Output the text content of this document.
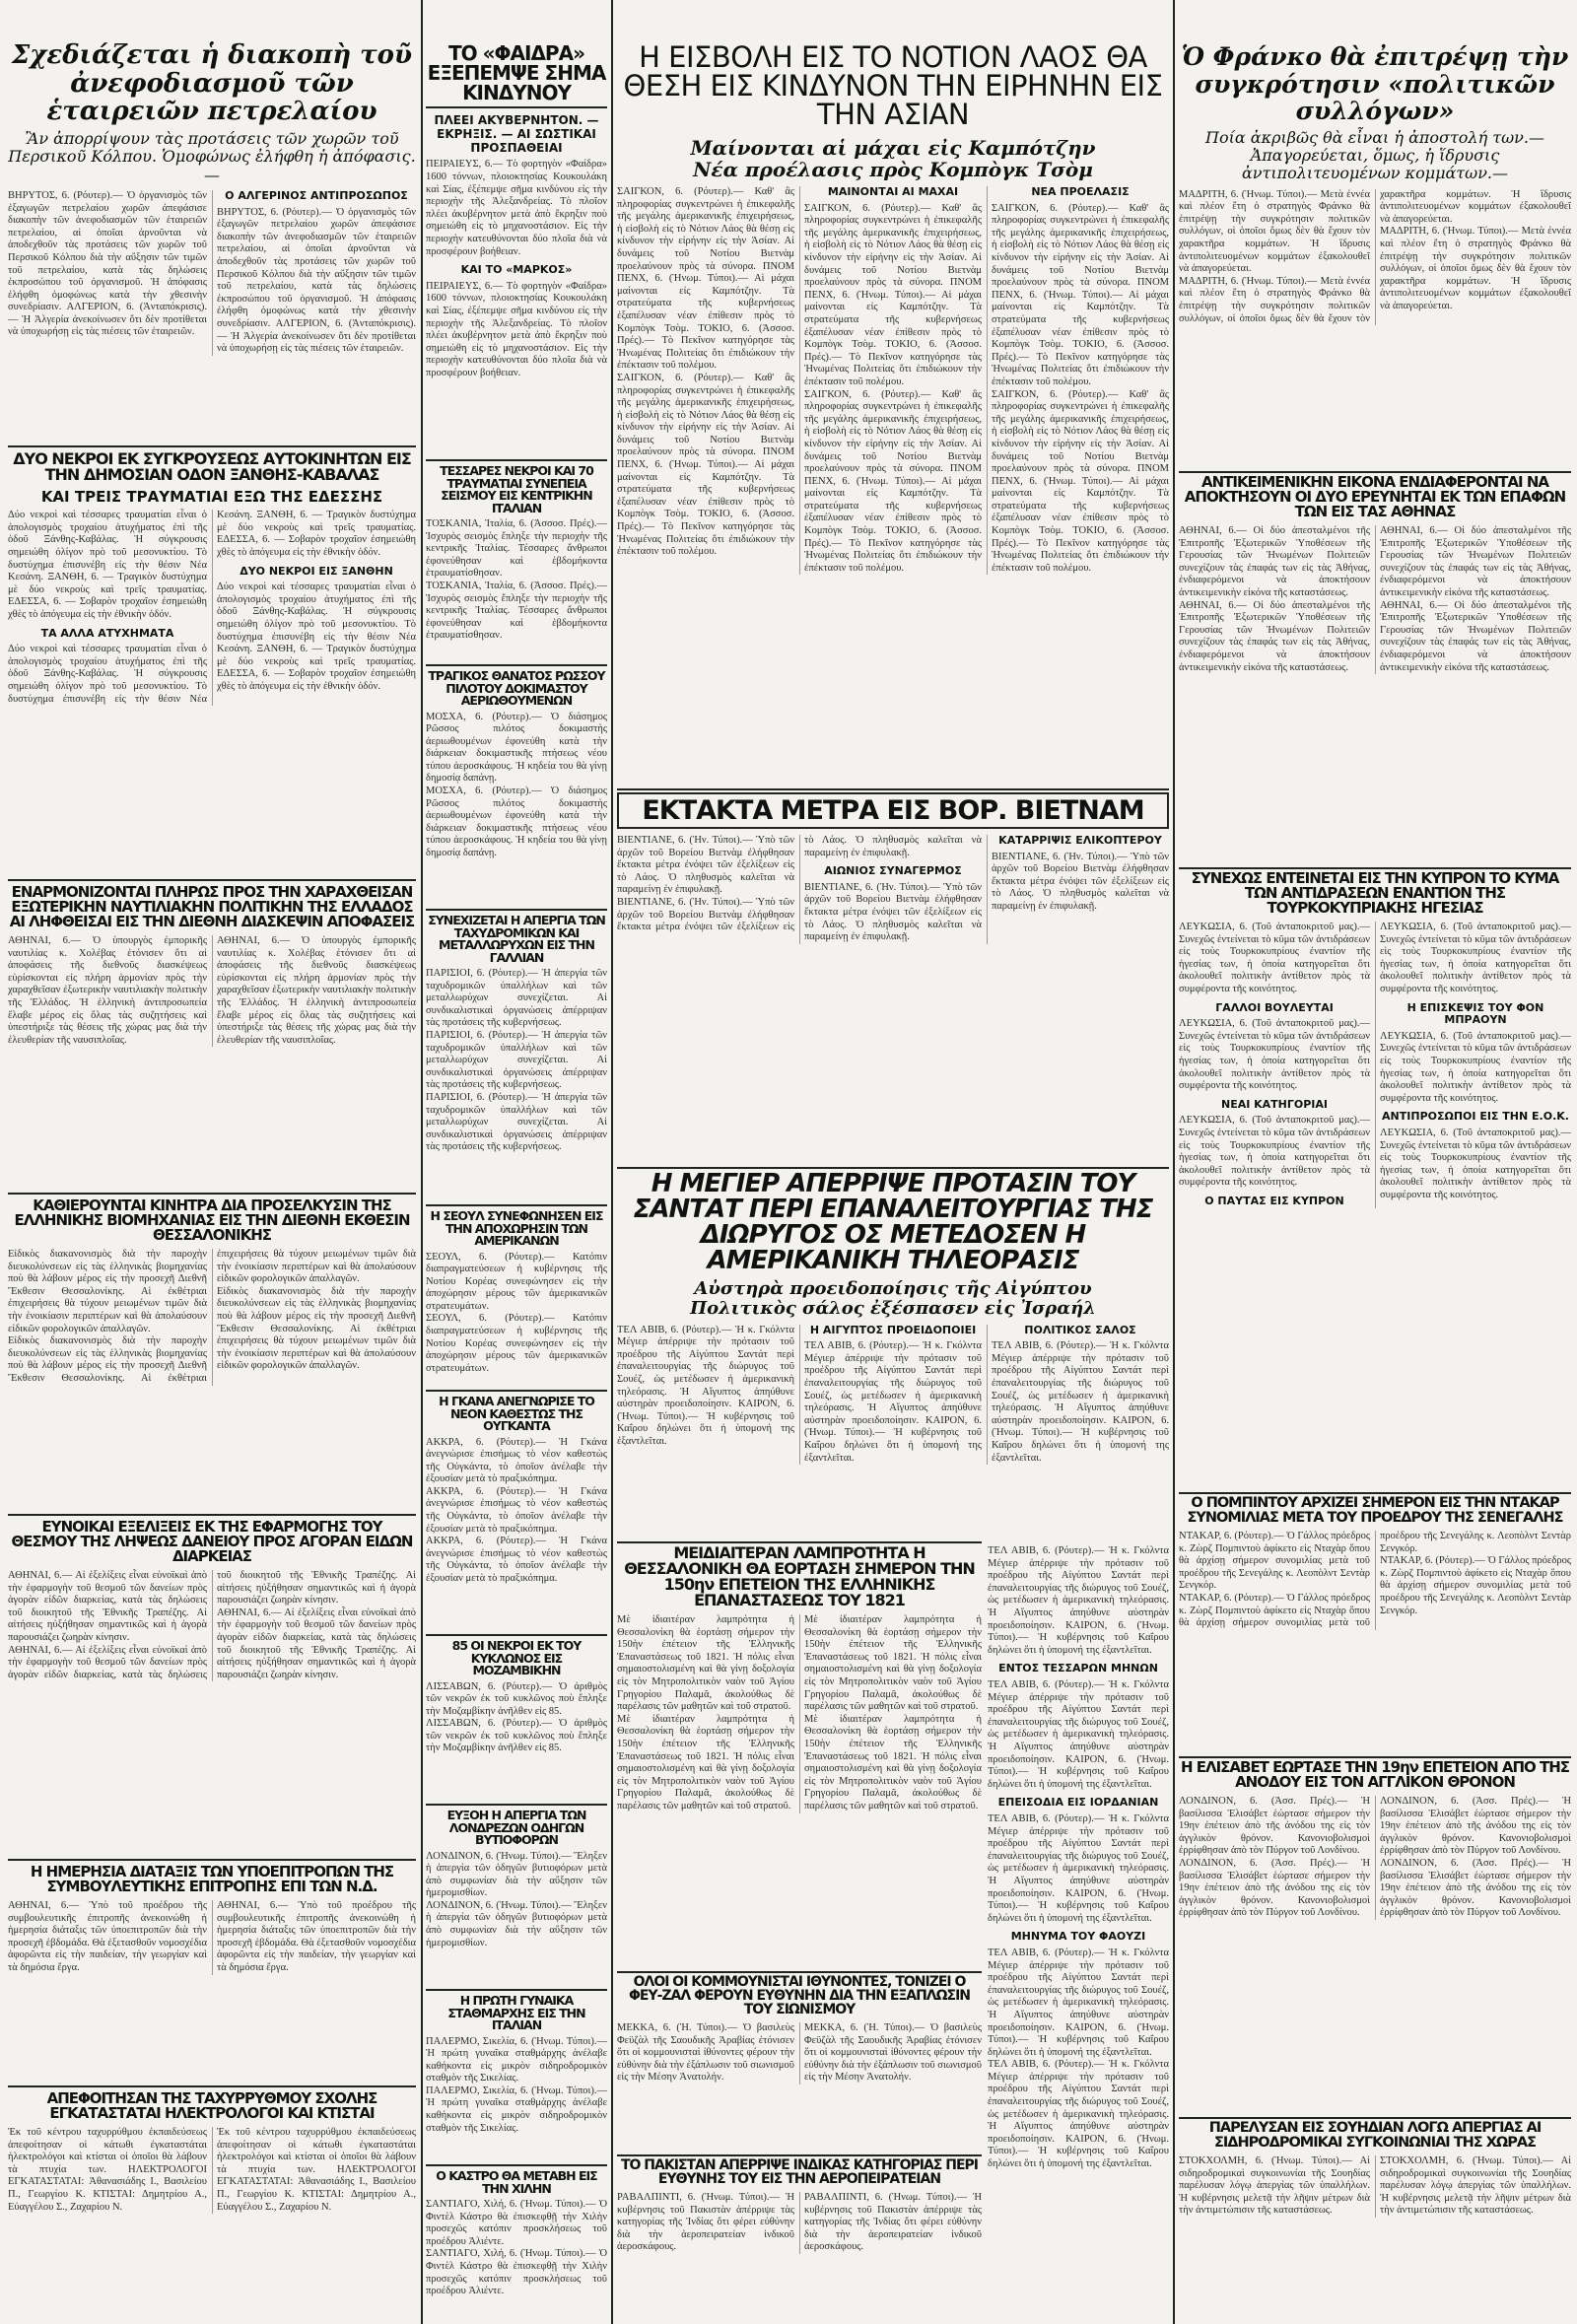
Σχεδιάζεται ἡ διακοπὴ τοῦ ἀνεφοδιασμοῦ τῶν ἑταιρειῶν πετρελαίου

Ἂν ἀπορρίψουν τὰς προτάσεις τῶν χωρῶν τοῦ Περσικοῦ Κόλπου. Ὁμοφώνως ἐλήφθη ἡ ἀπόφασις.—

ΒΗΡΥΤΟΣ, 6. (Ρόυτερ).— Ὁ ὀργανισμὸς τῶν ἐξαγωγῶν πετρελαίου χωρῶν ἀπεφάσισε διακοπὴν τῶν ἀνεφοδιασμῶν τῶν ἑταιρειῶν πετρελαίου, αἱ ὁποῖαι ἀρνοῦνται νὰ ἀποδεχθοῦν τὰς προτάσεις τῶν χωρῶν τοῦ Περσικοῦ Κόλπου διὰ τὴν αὔξησιν τῶν τιμῶν τοῦ πετρελαίου, κατὰ τὰς δηλώσεις ἐκπροσώπου τοῦ ὀργανισμοῦ. Ἡ ἀπόφασις ἐλήφθη ὁμοφώνως κατὰ τὴν χθεσινὴν συνεδρίασιν. ΑΛΓΕΡΙΟΝ, 6. (Ἀνταπόκρισις).— Ἡ Ἀλγερία ἀνεκοίνωσεν ὅτι δὲν προτίθεται νὰ ὑποχωρήσῃ εἰς τὰς πιέσεις τῶν ἑταιρειῶν.

Ο ΑΛΓΕΡΙΝΟΣ ΑΝΤΙΠΡΟΣΩΠΟΣ

ΒΗΡΥΤΟΣ, 6. (Ρόυτερ).— Ὁ ὀργανισμὸς τῶν ἐξαγωγῶν πετρελαίου χωρῶν ἀπεφάσισε διακοπὴν τῶν ἀνεφοδιασμῶν τῶν ἑταιρειῶν πετρελαίου, αἱ ὁποῖαι ἀρνοῦνται νὰ ἀποδεχθοῦν τὰς προτάσεις τῶν χωρῶν τοῦ Περσικοῦ Κόλπου διὰ τὴν αὔξησιν τῶν τιμῶν τοῦ πετρελαίου, κατὰ τὰς δηλώσεις ἐκπροσώπου τοῦ ὀργανισμοῦ. Ἡ ἀπόφασις ἐλήφθη ὁμοφώνως κατὰ τὴν χθεσινὴν συνεδρίασιν. ΑΛΓΕΡΙΟΝ, 6. (Ἀνταπόκρισις).— Ἡ Ἀλγερία ἀνεκοίνωσεν ὅτι δὲν προτίθεται νὰ ὑποχωρήσῃ εἰς τὰς πιέσεις τῶν ἑταιρειῶν.

ΔΥΟ ΝΕΚΡΟΙ ΕΚ ΣΥΓΚΡΟΥΣΕΩΣ ΑΥΤΟΚΙΝΗΤΩΝ ΕΙΣ ΤΗΝ ΔΗΜΟΣΙΑΝ ΟΔΟΝ ΞΑΝΘΗΣ-ΚΑΒΑΛΑΣ

ΚΑΙ ΤΡΕΙΣ ΤΡΑΥΜΑΤΙΑΙ ΕΞΩ ΤΗΣ ΕΔΕΣΣΗΣ

Δύο νεκροὶ καὶ τέσσαρες τραυματίαι εἶναι ὁ ἀπολογισμὸς τροχαίου ἀτυχήματος ἐπὶ τῆς ὁδοῦ Ξάνθης-Καβάλας. Ἡ σύγκρουσις σημειώθη ὀλίγον πρὸ τοῦ μεσονυκτίου. Τὸ δυστύχημα ἐπισυνέβη εἰς τὴν θέσιν Νέα Κεσάνη. ΞΑΝΘΗ, 6. — Τραγικὸν δυστύχημα μὲ δύο νεκροὺς καὶ τρεῖς τραυματίας. ΕΔΕΣΣΑ, 6. — Σοβαρὸν τροχαῖον ἐσημειώθη χθὲς τὸ ἀπόγευμα εἰς τὴν ἐθνικὴν ὁδόν.

ΤΑ ΑΛΛΑ ΑΤΥΧΗΜΑΤΑ

Δύο νεκροὶ καὶ τέσσαρες τραυματίαι εἶναι ὁ ἀπολογισμὸς τροχαίου ἀτυχήματος ἐπὶ τῆς ὁδοῦ Ξάνθης-Καβάλας. Ἡ σύγκρουσις σημειώθη ὀλίγον πρὸ τοῦ μεσονυκτίου. Τὸ δυστύχημα ἐπισυνέβη εἰς τὴν θέσιν Νέα Κεσάνη. ΞΑΝΘΗ, 6. — Τραγικὸν δυστύχημα μὲ δύο νεκροὺς καὶ τρεῖς τραυματίας. ΕΔΕΣΣΑ, 6. — Σοβαρὸν τροχαῖον ἐσημειώθη χθὲς τὸ ἀπόγευμα εἰς τὴν ἐθνικὴν ὁδόν.

ΔΥΟ ΝΕΚΡΟΙ ΕΙΣ ΞΑΝΘΗΝ

Δύο νεκροὶ καὶ τέσσαρες τραυματίαι εἶναι ὁ ἀπολογισμὸς τροχαίου ἀτυχήματος ἐπὶ τῆς ὁδοῦ Ξάνθης-Καβάλας. Ἡ σύγκρουσις σημειώθη ὀλίγον πρὸ τοῦ μεσονυκτίου. Τὸ δυστύχημα ἐπισυνέβη εἰς τὴν θέσιν Νέα Κεσάνη. ΞΑΝΘΗ, 6. — Τραγικὸν δυστύχημα μὲ δύο νεκροὺς καὶ τρεῖς τραυματίας. ΕΔΕΣΣΑ, 6. — Σοβαρὸν τροχαῖον ἐσημειώθη χθὲς τὸ ἀπόγευμα εἰς τὴν ἐθνικὴν ὁδόν.

ΕΝΑΡΜΟΝΙΖΟΝΤΑΙ ΠΛΗΡΩΣ ΠΡΟΣ ΤΗΝ ΧΑΡΑΧΘΕΙΣΑΝ ΕΞΩΤΕΡΙΚΗΝ ΝΑΥΤΙΛΙΑΚΗΝ ΠΟΛΙΤΙΚΗΝ ΤΗΣ ΕΛΛΑΔΟΣ ΑΙ ΛΗΦΘΕΙΣΑΙ ΕΙΣ ΤΗΝ ΔΙΕΘΝΗ ΔΙΑΣΚΕΨΙΝ ΑΠΟΦΑΣΕΙΣ

ΑΘΗΝΑΙ, 6.— Ὁ ὑπουργὸς ἐμπορικῆς ναυτιλίας κ. Χολέβας ἐτόνισεν ὅτι αἱ ἀποφάσεις τῆς διεθνοῦς διασκέψεως εὑρίσκονται εἰς πλήρη ἁρμονίαν πρὸς τὴν χαραχθεῖσαν ἐξωτερικὴν ναυτιλιακὴν πολιτικὴν τῆς Ἑλλάδος. Ἡ ἑλληνικὴ ἀντιπροσωπεία ἔλαβε μέρος εἰς ὅλας τὰς συζητήσεις καὶ ὑπεστήριξε τὰς θέσεις τῆς χώρας μας διὰ τὴν ἐλευθερίαν τῆς ναυσιπλοΐας.

ΑΘΗΝΑΙ, 6.— Ὁ ὑπουργὸς ἐμπορικῆς ναυτιλίας κ. Χολέβας ἐτόνισεν ὅτι αἱ ἀποφάσεις τῆς διεθνοῦς διασκέψεως εὑρίσκονται εἰς πλήρη ἁρμονίαν πρὸς τὴν χαραχθεῖσαν ἐξωτερικὴν ναυτιλιακὴν πολιτικὴν τῆς Ἑλλάδος. Ἡ ἑλληνικὴ ἀντιπροσωπεία ἔλαβε μέρος εἰς ὅλας τὰς συζητήσεις καὶ ὑπεστήριξε τὰς θέσεις τῆς χώρας μας διὰ τὴν ἐλευθερίαν τῆς ναυσιπλοΐας.

ΚΑΘΙΕΡΟΥΝΤΑΙ ΚΙΝΗΤΡΑ ΔΙΑ ΠΡΟΣΕΛΚΥΣΙΝ ΤΗΣ ΕΛΛΗΝΙΚΗΣ ΒΙΟΜΗΧΑΝΙΑΣ ΕΙΣ ΤΗΝ ΔΙΕΘΝΗ ΕΚΘΕΣΙΝ ΘΕΣΣΑΛΟΝΙΚΗΣ

Εἰδικὸς διακανονισμὸς διὰ τὴν παροχὴν διευκολύνσεων εἰς τὰς ἑλληνικὰς βιομηχανίας ποὺ θὰ λάβουν μέρος εἰς τὴν προσεχῆ Διεθνῆ Ἔκθεσιν Θεσσαλονίκης. Αἱ ἐκθέτριαι ἐπιχειρήσεις θὰ τύχουν μειωμένων τιμῶν διὰ τὴν ἐνοικίασιν περιπτέρων καὶ θὰ ἀπολαύσουν εἰδικῶν φορολογικῶν ἀπαλλαγῶν.

Εἰδικὸς διακανονισμὸς διὰ τὴν παροχὴν διευκολύνσεων εἰς τὰς ἑλληνικὰς βιομηχανίας ποὺ θὰ λάβουν μέρος εἰς τὴν προσεχῆ Διεθνῆ Ἔκθεσιν Θεσσαλονίκης. Αἱ ἐκθέτριαι ἐπιχειρήσεις θὰ τύχουν μειωμένων τιμῶν διὰ τὴν ἐνοικίασιν περιπτέρων καὶ θὰ ἀπολαύσουν εἰδικῶν φορολογικῶν ἀπαλλαγῶν.

Εἰδικὸς διακανονισμὸς διὰ τὴν παροχὴν διευκολύνσεων εἰς τὰς ἑλληνικὰς βιομηχανίας ποὺ θὰ λάβουν μέρος εἰς τὴν προσεχῆ Διεθνῆ Ἔκθεσιν Θεσσαλονίκης. Αἱ ἐκθέτριαι ἐπιχειρήσεις θὰ τύχουν μειωμένων τιμῶν διὰ τὴν ἐνοικίασιν περιπτέρων καὶ θὰ ἀπολαύσουν εἰδικῶν φορολογικῶν ἀπαλλαγῶν.

ΕΥΝΟΙΚΑΙ ΕΞΕΛΙΞΕΙΣ ΕΚ ΤΗΣ ΕΦΑΡΜΟΓΗΣ ΤΟΥ ΘΕΣΜΟΥ ΤΗΣ ΛΗΨΕΩΣ ΔΑΝΕΙΟΥ ΠΡΟΣ ΑΓΟΡΑΝ ΕΙΔΩΝ ΔΙΑΡΚΕΙΑΣ

ΑΘΗΝΑΙ, 6.— Αἱ ἐξελίξεις εἶναι εὐνοϊκαὶ ἀπὸ τὴν ἐφαρμογὴν τοῦ θεσμοῦ τῶν δανείων πρὸς ἀγορὰν εἰδῶν διαρκείας, κατὰ τὰς δηλώσεις τοῦ διοικητοῦ τῆς Ἐθνικῆς Τραπέζης. Αἱ αἰτήσεις ηὐξήθησαν σημαντικῶς καὶ ἡ ἀγορὰ παρουσιάζει ζωηρὰν κίνησιν.

ΑΘΗΝΑΙ, 6.— Αἱ ἐξελίξεις εἶναι εὐνοϊκαὶ ἀπὸ τὴν ἐφαρμογὴν τοῦ θεσμοῦ τῶν δανείων πρὸς ἀγορὰν εἰδῶν διαρκείας, κατὰ τὰς δηλώσεις τοῦ διοικητοῦ τῆς Ἐθνικῆς Τραπέζης. Αἱ αἰτήσεις ηὐξήθησαν σημαντικῶς καὶ ἡ ἀγορὰ παρουσιάζει ζωηρὰν κίνησιν.

ΑΘΗΝΑΙ, 6.— Αἱ ἐξελίξεις εἶναι εὐνοϊκαὶ ἀπὸ τὴν ἐφαρμογὴν τοῦ θεσμοῦ τῶν δανείων πρὸς ἀγορὰν εἰδῶν διαρκείας, κατὰ τὰς δηλώσεις τοῦ διοικητοῦ τῆς Ἐθνικῆς Τραπέζης. Αἱ αἰτήσεις ηὐξήθησαν σημαντικῶς καὶ ἡ ἀγορὰ παρουσιάζει ζωηρὰν κίνησιν.

Η ΗΜΕΡΗΣΙΑ ΔΙΑΤΑΞΙΣ ΤΩΝ ΥΠΟΕΠΙΤΡΟΠΩΝ ΤΗΣ ΣΥΜΒΟΥΛΕΥΤΙΚΗΣ ΕΠΙΤΡΟΠΗΣ ΕΠΙ ΤΩΝ Ν.Δ.

ΑΘΗΝΑΙ, 6.— Ὑπὸ τοῦ προέδρου τῆς συμβουλευτικῆς ἐπιτροπῆς ἀνεκοινώθη ἡ ἡμερησία διάταξις τῶν ὑποεπιτροπῶν διὰ τὴν προσεχῆ ἑβδομάδα. Θὰ ἐξετασθοῦν νομοσχέδια ἀφορῶντα εἰς τὴν παιδείαν, τὴν γεωργίαν καὶ τὰ δημόσια ἔργα.

ΑΘΗΝΑΙ, 6.— Ὑπὸ τοῦ προέδρου τῆς συμβουλευτικῆς ἐπιτροπῆς ἀνεκοινώθη ἡ ἡμερησία διάταξις τῶν ὑποεπιτροπῶν διὰ τὴν προσεχῆ ἑβδομάδα. Θὰ ἐξετασθοῦν νομοσχέδια ἀφορῶντα εἰς τὴν παιδείαν, τὴν γεωργίαν καὶ τὰ δημόσια ἔργα.

ΑΠΕΦΟΙΤΗΣΑΝ ΤΗΣ ΤΑΧΥΡΡΥΘΜΟΥ ΣΧΟΛΗΣ ΕΓΚΑΤΑΣΤΑΤΑΙ ΗΛΕΚΤΡΟΛΟΓΟΙ ΚΑΙ ΚΤΙΣΤΑΙ

Ἐκ τοῦ κέντρου ταχυρρύθμου ἐκπαιδεύσεως ἀπεφοίτησαν οἱ κάτωθι ἐγκαταστάται ἠλεκτρολόγοι καὶ κτίσται οἱ ὁποῖοι θὰ λάβουν τὰ πτυχία των. ΗΛΕΚΤΡΟΛΟΓΟΙ ΕΓΚΑΤΑΣΤΑΤΑΙ: Ἀθανασιάδης Ι., Βασιλείου Π., Γεωργίου Κ. ΚΤΙΣΤΑΙ: Δημητρίου Α., Εὐαγγέλου Σ., Ζαχαρίου Ν.

Ἐκ τοῦ κέντρου ταχυρρύθμου ἐκπαιδεύσεως ἀπεφοίτησαν οἱ κάτωθι ἐγκαταστάται ἠλεκτρολόγοι καὶ κτίσται οἱ ὁποῖοι θὰ λάβουν τὰ πτυχία των. ΗΛΕΚΤΡΟΛΟΓΟΙ ΕΓΚΑΤΑΣΤΑΤΑΙ: Ἀθανασιάδης Ι., Βασιλείου Π., Γεωργίου Κ. ΚΤΙΣΤΑΙ: Δημητρίου Α., Εὐαγγέλου Σ., Ζαχαρίου Ν.

ΤΟ «ΦΑΙΔΡΑ» ΕΞΕΠΕΜΨΕ ΣΗΜΑ ΚΙΝΔΥΝΟΥ

ΠΛΕΕΙ ΑΚΥΒΕΡΝΗΤΟΝ. — ΕΚΡΗΞΙΣ. — ΑΙ ΣΩΣΤΙΚΑΙ ΠΡΟΣΠΑΘΕΙΑΙ

ΠΕΙΡΑΙΕΥΣ, 6.— Τὸ φορτηγὸν «Φαίδρα» 1600 τόννων, πλοιοκτησίας Κουκουλάκη καὶ Σίας, ἐξέπεμψε σῆμα κινδύνου εἰς τὴν περιοχὴν τῆς Ἀλεξανδρείας. Τὸ πλοῖον πλέει ἀκυβέρνητον μετὰ ἀπὸ ἔκρηξιν ποὺ σημειώθη εἰς τὸ μηχανοστάσιον. Εἰς τὴν περιοχὴν κατευθύνονται δύο πλοῖα διὰ νὰ προσφέρουν βοήθειαν.

ΚΑΙ ΤΟ «ΜΑΡΚΟΣ»

ΠΕΙΡΑΙΕΥΣ, 6.— Τὸ φορτηγὸν «Φαίδρα» 1600 τόννων, πλοιοκτησίας Κουκουλάκη καὶ Σίας, ἐξέπεμψε σῆμα κινδύνου εἰς τὴν περιοχὴν τῆς Ἀλεξανδρείας. Τὸ πλοῖον πλέει ἀκυβέρνητον μετὰ ἀπὸ ἔκρηξιν ποὺ σημειώθη εἰς τὸ μηχανοστάσιον. Εἰς τὴν περιοχὴν κατευθύνονται δύο πλοῖα διὰ νὰ προσφέρουν βοήθειαν.

ΤΕΣΣΑΡΕΣ ΝΕΚΡΟΙ ΚΑΙ 70 ΤΡΑΥΜΑΤΙΑΙ ΣΥΝΕΠΕΙΑ ΣΕΙΣΜΟΥ ΕΙΣ ΚΕΝΤΡΙΚΗΝ ΙΤΑΛΙΑΝ

ΤΟΣΚΑΝΙΑ, Ἰταλία, 6. (Ἀσσοσ. Πρές).— Ἰσχυρὸς σεισμὸς ἔπληξε τὴν περιοχὴν τῆς κεντρικῆς Ἰταλίας. Τέσσαρες ἄνθρωποι ἐφονεύθησαν καὶ ἑβδομήκοντα ἐτραυματίσθησαν.

ΤΟΣΚΑΝΙΑ, Ἰταλία, 6. (Ἀσσοσ. Πρές).— Ἰσχυρὸς σεισμὸς ἔπληξε τὴν περιοχὴν τῆς κεντρικῆς Ἰταλίας. Τέσσαρες ἄνθρωποι ἐφονεύθησαν καὶ ἑβδομήκοντα ἐτραυματίσθησαν.

ΤΡΑΓΙΚΟΣ ΘΑΝΑΤΟΣ ΡΩΣΣΟΥ ΠΙΛΟΤΟΥ ΔΟΚΙΜΑΣΤΟΥ ΑΕΡΙΩΘΟΥΜΕΝΩΝ

ΜΟΣΧΑ, 6. (Ρόυτερ).— Ὁ διάσημος Ρῶσσος πιλότος δοκιμαστὴς ἀεριωθουμένων ἐφονεύθη κατὰ τὴν διάρκειαν δοκιμαστικῆς πτήσεως νέου τύπου ἀεροσκάφους. Ἡ κηδεία του θὰ γίνῃ δημοσίᾳ δαπάνῃ.

ΜΟΣΧΑ, 6. (Ρόυτερ).— Ὁ διάσημος Ρῶσσος πιλότος δοκιμαστὴς ἀεριωθουμένων ἐφονεύθη κατὰ τὴν διάρκειαν δοκιμαστικῆς πτήσεως νέου τύπου ἀεροσκάφους. Ἡ κηδεία του θὰ γίνῃ δημοσίᾳ δαπάνῃ.

ΣΥΝΕΧΙΖΕΤΑΙ Η ΑΠΕΡΓΙΑ ΤΩΝ ΤΑΧΥΔΡΟΜΙΚΩΝ ΚΑΙ ΜΕΤΑΛΛΩΡΥΧΩΝ ΕΙΣ ΤΗΝ ΓΑΛΛΙΑΝ

ΠΑΡΙΣΙΟΙ, 6. (Ρόυτερ).— Ἡ ἀπεργία τῶν ταχυδρομικῶν ὑπαλλήλων καὶ τῶν μεταλλωρύχων συνεχίζεται. Αἱ συνδικαλιστικαὶ ὀργανώσεις ἀπέρριψαν τὰς προτάσεις τῆς κυβερνήσεως.

ΠΑΡΙΣΙΟΙ, 6. (Ρόυτερ).— Ἡ ἀπεργία τῶν ταχυδρομικῶν ὑπαλλήλων καὶ τῶν μεταλλωρύχων συνεχίζεται. Αἱ συνδικαλιστικαὶ ὀργανώσεις ἀπέρριψαν τὰς προτάσεις τῆς κυβερνήσεως.

ΠΑΡΙΣΙΟΙ, 6. (Ρόυτερ).— Ἡ ἀπεργία τῶν ταχυδρομικῶν ὑπαλλήλων καὶ τῶν μεταλλωρύχων συνεχίζεται. Αἱ συνδικαλιστικαὶ ὀργανώσεις ἀπέρριψαν τὰς προτάσεις τῆς κυβερνήσεως.

Η ΣΕΟΥΛ ΣΥΝΕΦΩΝΗΣΕΝ ΕΙΣ ΤΗΝ ΑΠΟΧΩΡΗΣΙΝ ΤΩΝ ΑΜΕΡΙΚΑΝΩΝ

ΣΕΟΥΛ, 6. (Ρόυτερ).— Κατόπιν διαπραγματεύσεων ἡ κυβέρνησις τῆς Νοτίου Κορέας συνεφώνησεν εἰς τὴν ἀποχώρησιν μέρους τῶν ἀμερικανικῶν στρατευμάτων.

ΣΕΟΥΛ, 6. (Ρόυτερ).— Κατόπιν διαπραγματεύσεων ἡ κυβέρνησις τῆς Νοτίου Κορέας συνεφώνησεν εἰς τὴν ἀποχώρησιν μέρους τῶν ἀμερικανικῶν στρατευμάτων.

Η ΓΚΑΝΑ ΑΝΕΓΝΩΡΙΣΕ ΤΟ ΝΕΟΝ ΚΑΘΕΣΤΩΣ ΤΗΣ ΟΥΓΚΑΝΤΑ

ΑΚΚΡΑ, 6. (Ρόυτερ).— Ἡ Γκάνα ἀνεγνώρισε ἐπισήμως τὸ νέον καθεστὼς τῆς Οὐγκάντα, τὸ ὁποῖον ἀνέλαβε τὴν ἐξουσίαν μετὰ τὸ πραξικόπημα.

ΑΚΚΡΑ, 6. (Ρόυτερ).— Ἡ Γκάνα ἀνεγνώρισε ἐπισήμως τὸ νέον καθεστὼς τῆς Οὐγκάντα, τὸ ὁποῖον ἀνέλαβε τὴν ἐξουσίαν μετὰ τὸ πραξικόπημα.

ΑΚΚΡΑ, 6. (Ρόυτερ).— Ἡ Γκάνα ἀνεγνώρισε ἐπισήμως τὸ νέον καθεστὼς τῆς Οὐγκάντα, τὸ ὁποῖον ἀνέλαβε τὴν ἐξουσίαν μετὰ τὸ πραξικόπημα.

85 ΟΙ ΝΕΚΡΟΙ ΕΚ ΤΟΥ ΚΥΚΛΩΝΟΣ ΕΙΣ ΜΟΖΑΜΒΙΚΗΝ

ΛΙΣΣΑΒΩΝ, 6. (Ρόυτερ).— Ὁ ἀριθμὸς τῶν νεκρῶν ἐκ τοῦ κυκλῶνος ποὺ ἔπληξε τὴν Μοζαμβίκην ἀνῆλθεν εἰς 85.

ΛΙΣΣΑΒΩΝ, 6. (Ρόυτερ).— Ὁ ἀριθμὸς τῶν νεκρῶν ἐκ τοῦ κυκλῶνος ποὺ ἔπληξε τὴν Μοζαμβίκην ἀνῆλθεν εἰς 85.

ΕΥΞΟΗ Η ΑΠΕΡΓΙΑ ΤΩΝ ΛΟΝΔΡΕΖΩΝ ΟΔΗΓΩΝ ΒΥΤΙΟΦΟΡΩΝ

ΛΟΝΔΙΝΟΝ, 6. (Ἡνωμ. Τύποι).— Ἔληξεν ἡ ἀπεργία τῶν ὁδηγῶν βυτιοφόρων μετὰ ἀπὸ συμφωνίαν διὰ τὴν αὔξησιν τῶν ἡμερομισθίων.

ΛΟΝΔΙΝΟΝ, 6. (Ἡνωμ. Τύποι).— Ἔληξεν ἡ ἀπεργία τῶν ὁδηγῶν βυτιοφόρων μετὰ ἀπὸ συμφωνίαν διὰ τὴν αὔξησιν τῶν ἡμερομισθίων.

Η ΠΡΩΤΗ ΓΥΝΑΙΚΑ ΣΤΑΘΜΑΡΧΗΣ ΕΙΣ ΤΗΝ ΙΤΑΛΙΑΝ

ΠΑΛΕΡΜΟ, Σικελία, 6. (Ἡνωμ. Τύποι).— Ἡ πρώτη γυναῖκα σταθμάρχης ἀνέλαβε καθήκοντα εἰς μικρὸν σιδηροδρομικὸν σταθμὸν τῆς Σικελίας.

ΠΑΛΕΡΜΟ, Σικελία, 6. (Ἡνωμ. Τύποι).— Ἡ πρώτη γυναῖκα σταθμάρχης ἀνέλαβε καθήκοντα εἰς μικρὸν σιδηροδρομικὸν σταθμὸν τῆς Σικελίας.

Ο ΚΑΣΤΡΟ ΘΑ ΜΕΤΑΒΗ ΕΙΣ ΤΗΝ ΧΙΛΗΝ

ΣΑΝΤΙΑΓΟ, Χιλή, 6. (Ἡνωμ. Τύποι).— Ὁ Φιντὲλ Κάστρο θὰ ἐπισκεφθῇ τὴν Χιλὴν προσεχῶς κατόπιν προσκλήσεως τοῦ προέδρου Ἀλιέντε.

ΣΑΝΤΙΑΓΟ, Χιλή, 6. (Ἡνωμ. Τύποι).— Ὁ Φιντὲλ Κάστρο θὰ ἐπισκεφθῇ τὴν Χιλὴν προσεχῶς κατόπιν προσκλήσεως τοῦ προέδρου Ἀλιέντε.

Η ΕΙΣΒΟΛΗ ΕΙΣ ΤΟ ΝΟΤΙΟΝ ΛΑΟΣ ΘΑ ΘΕΣΗ ΕΙΣ ΚΙΝΔΥΝΟΝ ΤΗΝ ΕΙΡΗΝΗΝ ΕΙΣ ΤΗΝ ΑΣΙΑΝ

Μαίνονται αἱ μάχαι εἰς Καμπότζην

Νέα προέλασις πρὸς Κομπὸγκ Τσὸμ

ΣΑΙΓΚΟΝ, 6. (Ρόυτερ).— Καθ' ἃς πληροφορίας συγκεντρώνει ἡ ἐπικεφαλῆς τῆς μεγάλης ἀμερικανικῆς ἐπιχειρήσεως, ἡ εἰσβολὴ εἰς τὸ Νότιον Λάος θὰ θέσῃ εἰς κίνδυνον τὴν εἰρήνην εἰς τὴν Ἀσίαν. Αἱ δυνάμεις τοῦ Νοτίου Βιετνὰμ προελαύνουν πρὸς τὰ σύνορα. ΠΝΟΜ ΠΕΝΧ, 6. (Ἡνωμ. Τύποι).— Αἱ μάχαι μαίνονται εἰς Καμπότζην. Τὰ στρατεύματα τῆς κυβερνήσεως ἐξαπέλυσαν νέαν ἐπίθεσιν πρὸς τὸ Κομπὸγκ Τσὸμ. ΤΟΚΙΟ, 6. (Ἀσσοσ. Πρές).— Τὸ Πεκῖνον κατηγόρησε τὰς Ἡνωμένας Πολιτείας ὅτι ἐπιδιώκουν τὴν ἐπέκτασιν τοῦ πολέμου.

ΣΑΙΓΚΟΝ, 6. (Ρόυτερ).— Καθ' ἃς πληροφορίας συγκεντρώνει ἡ ἐπικεφαλῆς τῆς μεγάλης ἀμερικανικῆς ἐπιχειρήσεως, ἡ εἰσβολὴ εἰς τὸ Νότιον Λάος θὰ θέσῃ εἰς κίνδυνον τὴν εἰρήνην εἰς τὴν Ἀσίαν. Αἱ δυνάμεις τοῦ Νοτίου Βιετνὰμ προελαύνουν πρὸς τὰ σύνορα. ΠΝΟΜ ΠΕΝΧ, 6. (Ἡνωμ. Τύποι).— Αἱ μάχαι μαίνονται εἰς Καμπότζην. Τὰ στρατεύματα τῆς κυβερνήσεως ἐξαπέλυσαν νέαν ἐπίθεσιν πρὸς τὸ Κομπὸγκ Τσὸμ. ΤΟΚΙΟ, 6. (Ἀσσοσ. Πρές).— Τὸ Πεκῖνον κατηγόρησε τὰς Ἡνωμένας Πολιτείας ὅτι ἐπιδιώκουν τὴν ἐπέκτασιν τοῦ πολέμου.

ΜΑΙΝΟΝΤΑΙ ΑΙ ΜΑΧΑΙ

ΣΑΙΓΚΟΝ, 6. (Ρόυτερ).— Καθ' ἃς πληροφορίας συγκεντρώνει ἡ ἐπικεφαλῆς τῆς μεγάλης ἀμερικανικῆς ἐπιχειρήσεως, ἡ εἰσβολὴ εἰς τὸ Νότιον Λάος θὰ θέσῃ εἰς κίνδυνον τὴν εἰρήνην εἰς τὴν Ἀσίαν. Αἱ δυνάμεις τοῦ Νοτίου Βιετνὰμ προελαύνουν πρὸς τὰ σύνορα. ΠΝΟΜ ΠΕΝΧ, 6. (Ἡνωμ. Τύποι).— Αἱ μάχαι μαίνονται εἰς Καμπότζην. Τὰ στρατεύματα τῆς κυβερνήσεως ἐξαπέλυσαν νέαν ἐπίθεσιν πρὸς τὸ Κομπὸγκ Τσὸμ. ΤΟΚΙΟ, 6. (Ἀσσοσ. Πρές).— Τὸ Πεκῖνον κατηγόρησε τὰς Ἡνωμένας Πολιτείας ὅτι ἐπιδιώκουν τὴν ἐπέκτασιν τοῦ πολέμου.

ΣΑΙΓΚΟΝ, 6. (Ρόυτερ).— Καθ' ἃς πληροφορίας συγκεντρώνει ἡ ἐπικεφαλῆς τῆς μεγάλης ἀμερικανικῆς ἐπιχειρήσεως, ἡ εἰσβολὴ εἰς τὸ Νότιον Λάος θὰ θέσῃ εἰς κίνδυνον τὴν εἰρήνην εἰς τὴν Ἀσίαν. Αἱ δυνάμεις τοῦ Νοτίου Βιετνὰμ προελαύνουν πρὸς τὰ σύνορα. ΠΝΟΜ ΠΕΝΧ, 6. (Ἡνωμ. Τύποι).— Αἱ μάχαι μαίνονται εἰς Καμπότζην. Τὰ στρατεύματα τῆς κυβερνήσεως ἐξαπέλυσαν νέαν ἐπίθεσιν πρὸς τὸ Κομπὸγκ Τσὸμ. ΤΟΚΙΟ, 6. (Ἀσσοσ. Πρές).— Τὸ Πεκῖνον κατηγόρησε τὰς Ἡνωμένας Πολιτείας ὅτι ἐπιδιώκουν τὴν ἐπέκτασιν τοῦ πολέμου.

ΝΕΑ ΠΡΟΕΛΑΣΙΣ

ΣΑΙΓΚΟΝ, 6. (Ρόυτερ).— Καθ' ἃς πληροφορίας συγκεντρώνει ἡ ἐπικεφαλῆς τῆς μεγάλης ἀμερικανικῆς ἐπιχειρήσεως, ἡ εἰσβολὴ εἰς τὸ Νότιον Λάος θὰ θέσῃ εἰς κίνδυνον τὴν εἰρήνην εἰς τὴν Ἀσίαν. Αἱ δυνάμεις τοῦ Νοτίου Βιετνὰμ προελαύνουν πρὸς τὰ σύνορα. ΠΝΟΜ ΠΕΝΧ, 6. (Ἡνωμ. Τύποι).— Αἱ μάχαι μαίνονται εἰς Καμπότζην. Τὰ στρατεύματα τῆς κυβερνήσεως ἐξαπέλυσαν νέαν ἐπίθεσιν πρὸς τὸ Κομπὸγκ Τσὸμ. ΤΟΚΙΟ, 6. (Ἀσσοσ. Πρές).— Τὸ Πεκῖνον κατηγόρησε τὰς Ἡνωμένας Πολιτείας ὅτι ἐπιδιώκουν τὴν ἐπέκτασιν τοῦ πολέμου.

ΣΑΙΓΚΟΝ, 6. (Ρόυτερ).— Καθ' ἃς πληροφορίας συγκεντρώνει ἡ ἐπικεφαλῆς τῆς μεγάλης ἀμερικανικῆς ἐπιχειρήσεως, ἡ εἰσβολὴ εἰς τὸ Νότιον Λάος θὰ θέσῃ εἰς κίνδυνον τὴν εἰρήνην εἰς τὴν Ἀσίαν. Αἱ δυνάμεις τοῦ Νοτίου Βιετνὰμ προελαύνουν πρὸς τὰ σύνορα. ΠΝΟΜ ΠΕΝΧ, 6. (Ἡνωμ. Τύποι).— Αἱ μάχαι μαίνονται εἰς Καμπότζην. Τὰ στρατεύματα τῆς κυβερνήσεως ἐξαπέλυσαν νέαν ἐπίθεσιν πρὸς τὸ Κομπὸγκ Τσὸμ. ΤΟΚΙΟ, 6. (Ἀσσοσ. Πρές).— Τὸ Πεκῖνον κατηγόρησε τὰς Ἡνωμένας Πολιτείας ὅτι ἐπιδιώκουν τὴν ἐπέκτασιν τοῦ πολέμου.

ΕΚΤΑΚΤΑ ΜΕΤΡΑ ΕΙΣ ΒΟΡ. ΒΙΕΤΝΑΜ

ΒΙΕΝΤΙΑΝΕ, 6. (Ἡν. Τύποι).— Ὑπὸ τῶν ἀρχῶν τοῦ Βορείου Βιετνὰμ ἐλήφθησαν ἔκτακτα μέτρα ἐνόψει τῶν ἐξελίξεων εἰς τὸ Λάος. Ὁ πληθυσμὸς καλεῖται νὰ παραμείνῃ ἐν ἐπιφυλακῇ.

ΒΙΕΝΤΙΑΝΕ, 6. (Ἡν. Τύποι).— Ὑπὸ τῶν ἀρχῶν τοῦ Βορείου Βιετνὰμ ἐλήφθησαν ἔκτακτα μέτρα ἐνόψει τῶν ἐξελίξεων εἰς τὸ Λάος. Ὁ πληθυσμὸς καλεῖται νὰ παραμείνῃ ἐν ἐπιφυλακῇ.

ΑΙΩΝΙΟΣ ΣΥΝΑΓΕΡΜΟΣ

ΒΙΕΝΤΙΑΝΕ, 6. (Ἡν. Τύποι).— Ὑπὸ τῶν ἀρχῶν τοῦ Βορείου Βιετνὰμ ἐλήφθησαν ἔκτακτα μέτρα ἐνόψει τῶν ἐξελίξεων εἰς τὸ Λάος. Ὁ πληθυσμὸς καλεῖται νὰ παραμείνῃ ἐν ἐπιφυλακῇ.

ΚΑΤΑΡΡΙΨΙΣ ΕΛΙΚΟΠΤΕΡΟΥ

ΒΙΕΝΤΙΑΝΕ, 6. (Ἡν. Τύποι).— Ὑπὸ τῶν ἀρχῶν τοῦ Βορείου Βιετνὰμ ἐλήφθησαν ἔκτακτα μέτρα ἐνόψει τῶν ἐξελίξεων εἰς τὸ Λάος. Ὁ πληθυσμὸς καλεῖται νὰ παραμείνῃ ἐν ἐπιφυλακῇ.

Η ΜΕΓΙΕΡ ΑΠΕΡΡΙΨΕ ΠΡΟΤΑΣΙΝ ΤΟΥ ΣΑΝΤΑΤ ΠΕΡΙ ΕΠΑΝΑΛΕΙΤΟΥΡΓΙΑΣ ΤΗΣ ΔΙΩΡΥΓΟΣ ΟΣ ΜΕΤΕΔΟΣΕΝ Η ΑΜΕΡΙΚΑΝΙΚΗ ΤΗΛΕΟΡΑΣΙΣ

Αὐστηρὰ προειδοποίησις τῆς Αἰγύπτου

Πολιτικὸς σάλος ἐξέσπασεν εἰς Ἰσραήλ

ΤΕΛ ΑΒΙΒ, 6. (Ρόυτερ).— Ἡ κ. Γκόλντα Μέγιερ ἀπέρριψε τὴν πρότασιν τοῦ προέδρου τῆς Αἰγύπτου Σαντάτ περὶ ἐπαναλειτουργίας τῆς διώρυγος τοῦ Σουέζ, ὡς μετέδωσεν ἡ ἀμερικανικὴ τηλεόρασις. Ἡ Αἴγυπτος ἀπηύθυνε αὐστηρὰν προειδοποίησιν. ΚΑΙΡΟΝ, 6. (Ἡνωμ. Τύποι).— Ἡ κυβέρνησις τοῦ Καΐρου δηλώνει ὅτι ἡ ὑπομονή της ἐξαντλεῖται.

Η ΑΙΓΥΠΤΟΣ ΠΡΟΕΙΔΟΠΟΙΕΙ

ΤΕΛ ΑΒΙΒ, 6. (Ρόυτερ).— Ἡ κ. Γκόλντα Μέγιερ ἀπέρριψε τὴν πρότασιν τοῦ προέδρου τῆς Αἰγύπτου Σαντάτ περὶ ἐπαναλειτουργίας τῆς διώρυγος τοῦ Σουέζ, ὡς μετέδωσεν ἡ ἀμερικανικὴ τηλεόρασις. Ἡ Αἴγυπτος ἀπηύθυνε αὐστηρὰν προειδοποίησιν. ΚΑΙΡΟΝ, 6. (Ἡνωμ. Τύποι).— Ἡ κυβέρνησις τοῦ Καΐρου δηλώνει ὅτι ἡ ὑπομονή της ἐξαντλεῖται.

ΠΟΛΙΤΙΚΟΣ ΣΑΛΟΣ

ΤΕΛ ΑΒΙΒ, 6. (Ρόυτερ).— Ἡ κ. Γκόλντα Μέγιερ ἀπέρριψε τὴν πρότασιν τοῦ προέδρου τῆς Αἰγύπτου Σαντάτ περὶ ἐπαναλειτουργίας τῆς διώρυγος τοῦ Σουέζ, ὡς μετέδωσεν ἡ ἀμερικανικὴ τηλεόρασις. Ἡ Αἴγυπτος ἀπηύθυνε αὐστηρὰν προειδοποίησιν. ΚΑΙΡΟΝ, 6. (Ἡνωμ. Τύποι).— Ἡ κυβέρνησις τοῦ Καΐρου δηλώνει ὅτι ἡ ὑπομονή της ἐξαντλεῖται.

ΜΕΙΔΙΑΙΤΕΡΑΝ ΛΑΜΠΡΟΤΗΤΑ Η ΘΕΣΣΑΛΟΝΙΚΗ ΘΑ ΕΟΡΤΑΣΗ ΣΗΜΕΡΟΝ ΤΗΝ 150ην ΕΠΕΤΕΙΟΝ ΤΗΣ ΕΛΛΗΝΙΚΗΣ ΕΠΑΝΑΣΤΑΣΕΩΣ ΤΟΥ 1821

Μὲ ἰδιαιτέραν λαμπρότητα ἡ Θεσσαλονίκη θὰ ἑορτάσῃ σήμερον τὴν 150ὴν ἐπέτειον τῆς Ἑλληνικῆς Ἐπαναστάσεως τοῦ 1821. Ἡ πόλις εἶναι σημαιοστολισμένη καὶ θὰ γίνῃ δοξολογία εἰς τὸν Μητροπολιτικὸν ναὸν τοῦ Ἁγίου Γρηγορίου Παλαμᾶ, ἀκολούθως δὲ παρέλασις τῶν μαθητῶν καὶ τοῦ στρατοῦ.

Μὲ ἰδιαιτέραν λαμπρότητα ἡ Θεσσαλονίκη θὰ ἑορτάσῃ σήμερον τὴν 150ὴν ἐπέτειον τῆς Ἑλληνικῆς Ἐπαναστάσεως τοῦ 1821. Ἡ πόλις εἶναι σημαιοστολισμένη καὶ θὰ γίνῃ δοξολογία εἰς τὸν Μητροπολιτικὸν ναὸν τοῦ Ἁγίου Γρηγορίου Παλαμᾶ, ἀκολούθως δὲ παρέλασις τῶν μαθητῶν καὶ τοῦ στρατοῦ.

Μὲ ἰδιαιτέραν λαμπρότητα ἡ Θεσσαλονίκη θὰ ἑορτάσῃ σήμερον τὴν 150ὴν ἐπέτειον τῆς Ἑλληνικῆς Ἐπαναστάσεως τοῦ 1821. Ἡ πόλις εἶναι σημαιοστολισμένη καὶ θὰ γίνῃ δοξολογία εἰς τὸν Μητροπολιτικὸν ναὸν τοῦ Ἁγίου Γρηγορίου Παλαμᾶ, ἀκολούθως δὲ παρέλασις τῶν μαθητῶν καὶ τοῦ στρατοῦ.

Μὲ ἰδιαιτέραν λαμπρότητα ἡ Θεσσαλονίκη θὰ ἑορτάσῃ σήμερον τὴν 150ὴν ἐπέτειον τῆς Ἑλληνικῆς Ἐπαναστάσεως τοῦ 1821. Ἡ πόλις εἶναι σημαιοστολισμένη καὶ θὰ γίνῃ δοξολογία εἰς τὸν Μητροπολιτικὸν ναὸν τοῦ Ἁγίου Γρηγορίου Παλαμᾶ, ἀκολούθως δὲ παρέλασις τῶν μαθητῶν καὶ τοῦ στρατοῦ.

ΤΕΛ ΑΒΙΒ, 6. (Ρόυτερ).— Ἡ κ. Γκόλντα Μέγιερ ἀπέρριψε τὴν πρότασιν τοῦ προέδρου τῆς Αἰγύπτου Σαντάτ περὶ ἐπαναλειτουργίας τῆς διώρυγος τοῦ Σουέζ, ὡς μετέδωσεν ἡ ἀμερικανικὴ τηλεόρασις. Ἡ Αἴγυπτος ἀπηύθυνε αὐστηρὰν προειδοποίησιν. ΚΑΙΡΟΝ, 6. (Ἡνωμ. Τύποι).— Ἡ κυβέρνησις τοῦ Καΐρου δηλώνει ὅτι ἡ ὑπομονή της ἐξαντλεῖται.

ΕΝΤΟΣ ΤΕΣΣΑΡΩΝ ΜΗΝΩΝ

ΤΕΛ ΑΒΙΒ, 6. (Ρόυτερ).— Ἡ κ. Γκόλντα Μέγιερ ἀπέρριψε τὴν πρότασιν τοῦ προέδρου τῆς Αἰγύπτου Σαντάτ περὶ ἐπαναλειτουργίας τῆς διώρυγος τοῦ Σουέζ, ὡς μετέδωσεν ἡ ἀμερικανικὴ τηλεόρασις. Ἡ Αἴγυπτος ἀπηύθυνε αὐστηρὰν προειδοποίησιν. ΚΑΙΡΟΝ, 6. (Ἡνωμ. Τύποι).— Ἡ κυβέρνησις τοῦ Καΐρου δηλώνει ὅτι ἡ ὑπομονή της ἐξαντλεῖται.

ΕΠΕΙΣΟΔΙΑ ΕΙΣ ΙΟΡΔΑΝΙΑΝ

ΤΕΛ ΑΒΙΒ, 6. (Ρόυτερ).— Ἡ κ. Γκόλντα Μέγιερ ἀπέρριψε τὴν πρότασιν τοῦ προέδρου τῆς Αἰγύπτου Σαντάτ περὶ ἐπαναλειτουργίας τῆς διώρυγος τοῦ Σουέζ, ὡς μετέδωσεν ἡ ἀμερικανικὴ τηλεόρασις. Ἡ Αἴγυπτος ἀπηύθυνε αὐστηρὰν προειδοποίησιν. ΚΑΙΡΟΝ, 6. (Ἡνωμ. Τύποι).— Ἡ κυβέρνησις τοῦ Καΐρου δηλώνει ὅτι ἡ ὑπομονή της ἐξαντλεῖται.

ΜΗΝΥΜΑ ΤΟΥ ΦΑΟΥΖΙ

ΤΕΛ ΑΒΙΒ, 6. (Ρόυτερ).— Ἡ κ. Γκόλντα Μέγιερ ἀπέρριψε τὴν πρότασιν τοῦ προέδρου τῆς Αἰγύπτου Σαντάτ περὶ ἐπαναλειτουργίας τῆς διώρυγος τοῦ Σουέζ, ὡς μετέδωσεν ἡ ἀμερικανικὴ τηλεόρασις. Ἡ Αἴγυπτος ἀπηύθυνε αὐστηρὰν προειδοποίησιν. ΚΑΙΡΟΝ, 6. (Ἡνωμ. Τύποι).— Ἡ κυβέρνησις τοῦ Καΐρου δηλώνει ὅτι ἡ ὑπομονή της ἐξαντλεῖται.

ΤΕΛ ΑΒΙΒ, 6. (Ρόυτερ).— Ἡ κ. Γκόλντα Μέγιερ ἀπέρριψε τὴν πρότασιν τοῦ προέδρου τῆς Αἰγύπτου Σαντάτ περὶ ἐπαναλειτουργίας τῆς διώρυγος τοῦ Σουέζ, ὡς μετέδωσεν ἡ ἀμερικανικὴ τηλεόρασις. Ἡ Αἴγυπτος ἀπηύθυνε αὐστηρὰν προειδοποίησιν. ΚΑΙΡΟΝ, 6. (Ἡνωμ. Τύποι).— Ἡ κυβέρνησις τοῦ Καΐρου δηλώνει ὅτι ἡ ὑπομονή της ἐξαντλεῖται.

ΟΛΟΙ ΟΙ ΚΟΜΜΟΥΝΙΣΤΑΙ ΙΘΥΝΟΝΤΕΣ, ΤΟΝΙΖΕΙ Ο ΦΕΥ-ΖΑΛ ΦΕΡΟΥΝ ΕΥΘΥΝΗΝ ΔΙΑ ΤΗΝ ΕΞΑΠΛΩΣΙΝ ΤΟΥ ΣΙΩΝΙΣΜΟΥ

ΜΕΚΚΑ, 6. (Ἡ. Τύποι).— Ὁ βασιλεὺς Φεϋζὰλ τῆς Σαουδικῆς Ἀραβίας ἐτόνισεν ὅτι οἱ κομμουνισταὶ ἰθύνοντες φέρουν τὴν εὐθύνην διὰ τὴν ἐξάπλωσιν τοῦ σιωνισμοῦ εἰς τὴν Μέσην Ἀνατολήν.

ΜΕΚΚΑ, 6. (Ἡ. Τύποι).— Ὁ βασιλεὺς Φεϋζὰλ τῆς Σαουδικῆς Ἀραβίας ἐτόνισεν ὅτι οἱ κομμουνισταὶ ἰθύνοντες φέρουν τὴν εὐθύνην διὰ τὴν ἐξάπλωσιν τοῦ σιωνισμοῦ εἰς τὴν Μέσην Ἀνατολήν.

ΤΟ ΠΑΚΙΣΤΑΝ ΑΠΕΡΡΙΨΕ ΙΝΔΙΚΑΣ ΚΑΤΗΓΟΡΙΑΣ ΠΕΡΙ ΕΥΘΥΝΗΣ ΤΟΥ ΕΙΣ ΤΗΝ ΑΕΡΟΠΕΙΡΑΤΕΙΑΝ

ΡΑΒΑΛΠΙΝΤΙ, 6. (Ἡνωμ. Τύποι).— Ἡ κυβέρνησις τοῦ Πακιστὰν ἀπέρριψε τὰς κατηγορίας τῆς Ἰνδίας ὅτι φέρει εὐθύνην διὰ τὴν ἀεροπειρατείαν ἰνδικοῦ ἀεροσκάφους.

ΡΑΒΑΛΠΙΝΤΙ, 6. (Ἡνωμ. Τύποι).— Ἡ κυβέρνησις τοῦ Πακιστὰν ἀπέρριψε τὰς κατηγορίας τῆς Ἰνδίας ὅτι φέρει εὐθύνην διὰ τὴν ἀεροπειρατείαν ἰνδικοῦ ἀεροσκάφους.

Ὁ Φράνκο θὰ ἐπιτρέψῃ τὴν συγκρότησιν «πολιτικῶν συλλόγων»

Ποία ἀκριβῶς θὰ εἶναι ἡ ἀποστολή των.— Ἀπαγορεύεται, ὅμως, ἡ ἵδρυσις ἀντιπολιτευομένων κομμάτων.—

ΜΑΔΡΙΤΗ, 6. (Ἡνωμ. Τύποι).— Μετὰ ἐννέα καὶ πλέον ἔτη ὁ στρατηγὸς Φράνκο θὰ ἐπιτρέψῃ τὴν συγκρότησιν πολιτικῶν συλλόγων, οἱ ὁποῖοι ὅμως δὲν θὰ ἔχουν τὸν χαρακτῆρα κομμάτων. Ἡ ἵδρυσις ἀντιπολιτευομένων κομμάτων ἐξακολουθεῖ νὰ ἀπαγορεύεται.

ΜΑΔΡΙΤΗ, 6. (Ἡνωμ. Τύποι).— Μετὰ ἐννέα καὶ πλέον ἔτη ὁ στρατηγὸς Φράνκο θὰ ἐπιτρέψῃ τὴν συγκρότησιν πολιτικῶν συλλόγων, οἱ ὁποῖοι ὅμως δὲν θὰ ἔχουν τὸν χαρακτῆρα κομμάτων. Ἡ ἵδρυσις ἀντιπολιτευομένων κομμάτων ἐξακολουθεῖ νὰ ἀπαγορεύεται.

ΜΑΔΡΙΤΗ, 6. (Ἡνωμ. Τύποι).— Μετὰ ἐννέα καὶ πλέον ἔτη ὁ στρατηγὸς Φράνκο θὰ ἐπιτρέψῃ τὴν συγκρότησιν πολιτικῶν συλλόγων, οἱ ὁποῖοι ὅμως δὲν θὰ ἔχουν τὸν χαρακτῆρα κομμάτων. Ἡ ἵδρυσις ἀντιπολιτευομένων κομμάτων ἐξακολουθεῖ νὰ ἀπαγορεύεται.

ΑΝΤΙΚΕΙΜΕΝΙΚΗΝ ΕΙΚΟΝΑ ΕΝΔΙΑΦΕΡΟΝΤΑΙ ΝΑ ΑΠΟΚΤΗΣΟΥΝ ΟΙ ΔΥΟ ΕΡΕΥΝΗΤΑΙ ΕΚ ΤΩΝ ΕΠΑΦΩΝ ΤΩΝ ΕΙΣ ΤΑΣ ΑΘΗΝΑΣ

ΑΘΗΝΑΙ, 6.— Οἱ δύο ἀπεσταλμένοι τῆς Ἐπιτροπῆς Ἐξωτερικῶν Ὑποθέσεων τῆς Γερουσίας τῶν Ἡνωμένων Πολιτειῶν συνεχίζουν τὰς ἐπαφάς των εἰς τὰς Ἀθήνας, ἐνδιαφερόμενοι νὰ ἀποκτήσουν ἀντικειμενικὴν εἰκόνα τῆς καταστάσεως.

ΑΘΗΝΑΙ, 6.— Οἱ δύο ἀπεσταλμένοι τῆς Ἐπιτροπῆς Ἐξωτερικῶν Ὑποθέσεων τῆς Γερουσίας τῶν Ἡνωμένων Πολιτειῶν συνεχίζουν τὰς ἐπαφάς των εἰς τὰς Ἀθήνας, ἐνδιαφερόμενοι νὰ ἀποκτήσουν ἀντικειμενικὴν εἰκόνα τῆς καταστάσεως.

ΑΘΗΝΑΙ, 6.— Οἱ δύο ἀπεσταλμένοι τῆς Ἐπιτροπῆς Ἐξωτερικῶν Ὑποθέσεων τῆς Γερουσίας τῶν Ἡνωμένων Πολιτειῶν συνεχίζουν τὰς ἐπαφάς των εἰς τὰς Ἀθήνας, ἐνδιαφερόμενοι νὰ ἀποκτήσουν ἀντικειμενικὴν εἰκόνα τῆς καταστάσεως.

ΑΘΗΝΑΙ, 6.— Οἱ δύο ἀπεσταλμένοι τῆς Ἐπιτροπῆς Ἐξωτερικῶν Ὑποθέσεων τῆς Γερουσίας τῶν Ἡνωμένων Πολιτειῶν συνεχίζουν τὰς ἐπαφάς των εἰς τὰς Ἀθήνας, ἐνδιαφερόμενοι νὰ ἀποκτήσουν ἀντικειμενικὴν εἰκόνα τῆς καταστάσεως.

ΣΥΝΕΧΩΣ ΕΝΤΕΙΝΕΤΑΙ ΕΙΣ ΤΗΝ ΚΥΠΡΟΝ ΤΟ ΚΥΜΑ ΤΩΝ ΑΝΤΙΔΡΑΣΕΩΝ ΕΝΑΝΤΙΟΝ ΤΗΣ ΤΟΥΡΚΟΚΥΠΡΙΑΚΗΣ ΗΓΕΣΙΑΣ

ΛΕΥΚΩΣΙΑ, 6. (Τοῦ ἀνταποκριτοῦ μας).— Συνεχῶς ἐντείνεται τὸ κῦμα τῶν ἀντιδράσεων εἰς τοὺς Τουρκοκυπρίους ἐναντίον τῆς ἡγεσίας των, ἡ ὁποία κατηγορεῖται ὅτι ἀκολουθεῖ πολιτικὴν ἀντίθετον πρὸς τὰ συμφέροντα τῆς κοινότητος.

ΓΑΛΛΟΙ ΒΟΥΛΕΥΤΑΙ

ΛΕΥΚΩΣΙΑ, 6. (Τοῦ ἀνταποκριτοῦ μας).— Συνεχῶς ἐντείνεται τὸ κῦμα τῶν ἀντιδράσεων εἰς τοὺς Τουρκοκυπρίους ἐναντίον τῆς ἡγεσίας των, ἡ ὁποία κατηγορεῖται ὅτι ἀκολουθεῖ πολιτικὴν ἀντίθετον πρὸς τὰ συμφέροντα τῆς κοινότητος.

ΝΕΑΙ ΚΑΤΗΓΟΡΙΑΙ

ΛΕΥΚΩΣΙΑ, 6. (Τοῦ ἀνταποκριτοῦ μας).— Συνεχῶς ἐντείνεται τὸ κῦμα τῶν ἀντιδράσεων εἰς τοὺς Τουρκοκυπρίους ἐναντίον τῆς ἡγεσίας των, ἡ ὁποία κατηγορεῖται ὅτι ἀκολουθεῖ πολιτικὴν ἀντίθετον πρὸς τὰ συμφέροντα τῆς κοινότητος.

Ο ΠΑΥΤΑΣ ΕΙΣ ΚΥΠΡΟΝ

ΛΕΥΚΩΣΙΑ, 6. (Τοῦ ἀνταποκριτοῦ μας).— Συνεχῶς ἐντείνεται τὸ κῦμα τῶν ἀντιδράσεων εἰς τοὺς Τουρκοκυπρίους ἐναντίον τῆς ἡγεσίας των, ἡ ὁποία κατηγορεῖται ὅτι ἀκολουθεῖ πολιτικὴν ἀντίθετον πρὸς τὰ συμφέροντα τῆς κοινότητος.

Η ΕΠΙΣΚΕΨΙΣ ΤΟΥ ΦΟΝ ΜΠΡΑΟΥΝ

ΛΕΥΚΩΣΙΑ, 6. (Τοῦ ἀνταποκριτοῦ μας).— Συνεχῶς ἐντείνεται τὸ κῦμα τῶν ἀντιδράσεων εἰς τοὺς Τουρκοκυπρίους ἐναντίον τῆς ἡγεσίας των, ἡ ὁποία κατηγορεῖται ὅτι ἀκολουθεῖ πολιτικὴν ἀντίθετον πρὸς τὰ συμφέροντα τῆς κοινότητος.

ΑΝΤΙΠΡΟΣΩΠΟΙ ΕΙΣ ΤΗΝ Ε.Ο.Κ.

ΛΕΥΚΩΣΙΑ, 6. (Τοῦ ἀνταποκριτοῦ μας).— Συνεχῶς ἐντείνεται τὸ κῦμα τῶν ἀντιδράσεων εἰς τοὺς Τουρκοκυπρίους ἐναντίον τῆς ἡγεσίας των, ἡ ὁποία κατηγορεῖται ὅτι ἀκολουθεῖ πολιτικὴν ἀντίθετον πρὸς τὰ συμφέροντα τῆς κοινότητος.

Ο ΠΟΜΠΙΝΤΟΥ ΑΡΧΙΖΕΙ ΣΗΜΕΡΟΝ ΕΙΣ ΤΗΝ ΝΤΑΚΑΡ ΣΥΝΟΜΙΛΙΑΣ ΜΕΤΑ ΤΟΥ ΠΡΟΕΔΡΟΥ ΤΗΣ ΣΕΝΕΓΑΛΗΣ

ΝΤΑΚΑΡ, 6. (Ρόυτερ).— Ὁ Γάλλος πρόεδρος κ. Ζὼρζ Πομπιντοὺ ἀφίκετο εἰς Νταχὰρ ὅπου θὰ ἀρχίσῃ σήμερον συνομιλίας μετὰ τοῦ προέδρου τῆς Σενεγάλης κ. Λεοπὸλντ Σεντὰρ Σενγκόρ.

ΝΤΑΚΑΡ, 6. (Ρόυτερ).— Ὁ Γάλλος πρόεδρος κ. Ζὼρζ Πομπιντοὺ ἀφίκετο εἰς Νταχὰρ ὅπου θὰ ἀρχίσῃ σήμερον συνομιλίας μετὰ τοῦ προέδρου τῆς Σενεγάλης κ. Λεοπὸλντ Σεντὰρ Σενγκόρ.

ΝΤΑΚΑΡ, 6. (Ρόυτερ).— Ὁ Γάλλος πρόεδρος κ. Ζὼρζ Πομπιντοὺ ἀφίκετο εἰς Νταχὰρ ὅπου θὰ ἀρχίσῃ σήμερον συνομιλίας μετὰ τοῦ προέδρου τῆς Σενεγάλης κ. Λεοπὸλντ Σεντὰρ Σενγκόρ.

Η ΕΛΙΣΑΒΕΤ ΕΩΡΤΑΣΕ ΤΗΝ 19ην ΕΠΕΤΕΙΟΝ ΑΠΟ ΤΗΣ ΑΝΟΔΟΥ ΕΙΣ ΤΟΝ ΑΓΓΛΙΚΟΝ ΘΡΟΝΟΝ

ΛΟΝΔΙΝΟΝ, 6. (Ἀσσ. Πρές).— Ἡ βασίλισσα Ἐλισάβετ ἑώρτασε σήμερον τὴν 19ην ἐπέτειον ἀπὸ τῆς ἀνόδου της εἰς τὸν ἀγγλικὸν θρόνον. Κανονιοβολισμοὶ ἐρρίφθησαν ἀπὸ τὸν Πύργον τοῦ Λονδίνου.

ΛΟΝΔΙΝΟΝ, 6. (Ἀσσ. Πρές).— Ἡ βασίλισσα Ἐλισάβετ ἑώρτασε σήμερον τὴν 19ην ἐπέτειον ἀπὸ τῆς ἀνόδου της εἰς τὸν ἀγγλικὸν θρόνον. Κανονιοβολισμοὶ ἐρρίφθησαν ἀπὸ τὸν Πύργον τοῦ Λονδίνου.

ΛΟΝΔΙΝΟΝ, 6. (Ἀσσ. Πρές).— Ἡ βασίλισσα Ἐλισάβετ ἑώρτασε σήμερον τὴν 19ην ἐπέτειον ἀπὸ τῆς ἀνόδου της εἰς τὸν ἀγγλικὸν θρόνον. Κανονιοβολισμοὶ ἐρρίφθησαν ἀπὸ τὸν Πύργον τοῦ Λονδίνου.

ΛΟΝΔΙΝΟΝ, 6. (Ἀσσ. Πρές).— Ἡ βασίλισσα Ἐλισάβετ ἑώρτασε σήμερον τὴν 19ην ἐπέτειον ἀπὸ τῆς ἀνόδου της εἰς τὸν ἀγγλικὸν θρόνον. Κανονιοβολισμοὶ ἐρρίφθησαν ἀπὸ τὸν Πύργον τοῦ Λονδίνου.

ΠΑΡΕΛΥΣΑΝ ΕΙΣ ΣΟΥΗΔΙΑΝ ΛΟΓΩ ΑΠΕΡΓΙΑΣ ΑΙ ΣΙΔΗΡΟΔΡΟΜΙΚΑΙ ΣΥΓΚΟΙΝΩΝΙΑΙ ΤΗΣ ΧΩΡΑΣ

ΣΤΟΚΧΟΛΜΗ, 6. (Ἡνωμ. Τύποι).— Αἱ σιδηροδρομικαὶ συγκοινωνίαι τῆς Σουηδίας παρέλυσαν λόγῳ ἀπεργίας τῶν ὑπαλλήλων. Ἡ κυβέρνησις μελετᾷ τὴν λῆψιν μέτρων διὰ τὴν ἀντιμετώπισιν τῆς καταστάσεως.

ΣΤΟΚΧΟΛΜΗ, 6. (Ἡνωμ. Τύποι).— Αἱ σιδηροδρομικαὶ συγκοινωνίαι τῆς Σουηδίας παρέλυσαν λόγῳ ἀπεργίας τῶν ὑπαλλήλων. Ἡ κυβέρνησις μελετᾷ τὴν λῆψιν μέτρων διὰ τὴν ἀντιμετώπισιν τῆς καταστάσεως.
